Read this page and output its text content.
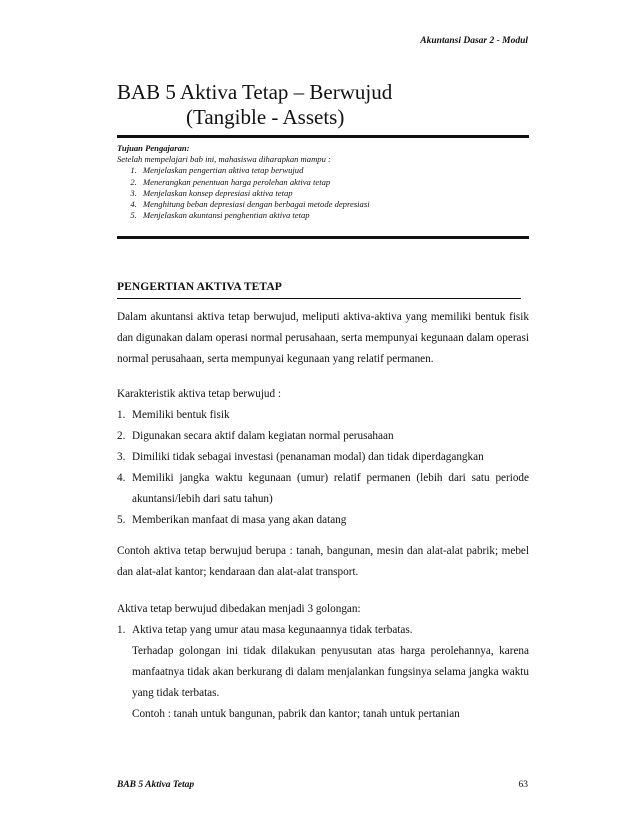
Akuntansi Dasar 2 - Modul
BAB 5 Aktiva Tetap – Berwujud
(Tangible - Assets)
Tujuan Pengajaran:
Setelah mempelajari bab ini, mahasiswa diharapkan mampu :
1. Menjelaskan pengertian aktiva tetap berwujud
2. Menerangkan penentuan harga perolehan aktiva tetap
3. Menjelaskan konsep depresiasi aktiva tetap
4. Menghitung beban depresiasi dengan berbagai metode depresiasi
5. Menjelaskan akuntansi penghentian aktiva tetap
PENGERTIAN AKTIVA TETAP

Dalam akuntansi aktiva tetap berwujud, meliputi aktiva-aktiva yang memiliki bentuk fisik dan digunakan dalam operasi normal perusahaan, serta mempunyai kegunaan dalam operasi normal perusahaan, serta mempunyai kegunaan yang relatif permanen.

Karakteristik aktiva tetap berwujud :

1. Memiliki bentuk fisik
2. Digunakan secara aktif dalam kegiatan normal perusahaan
3. Dimiliki tidak sebagai investasi (penanaman modal) dan tidak diperdagangkan
4. Memiliki jangka waktu kegunaan (umur) relatif permanen (lebih dari satu periode akuntansi/lebih dari satu tahun)
5. Memberikan manfaat di masa yang akan datang

Contoh aktiva tetap berwujud berupa : tanah, bangunan, mesin dan alat-alat pabrik; mebel dan alat-alat kantor; kendaraan dan alat-alat transport.

Aktiva tetap berwujud dibedakan menjadi 3 golongan:

1. Aktiva tetap yang umur atau masa kegunaannya tidak terbatas.

Terhadap golongan ini tidak dilakukan penyusutan atas harga perolehannya, karena manfaatnya tidak akan berkurang di dalam menjalankan fungsinya selama jangka waktu yang tidak terbatas.

Contoh : tanah untuk bangunan, pabrik dan kantor; tanah untuk pertanian

BAB 5 Aktiva Tetap	63
